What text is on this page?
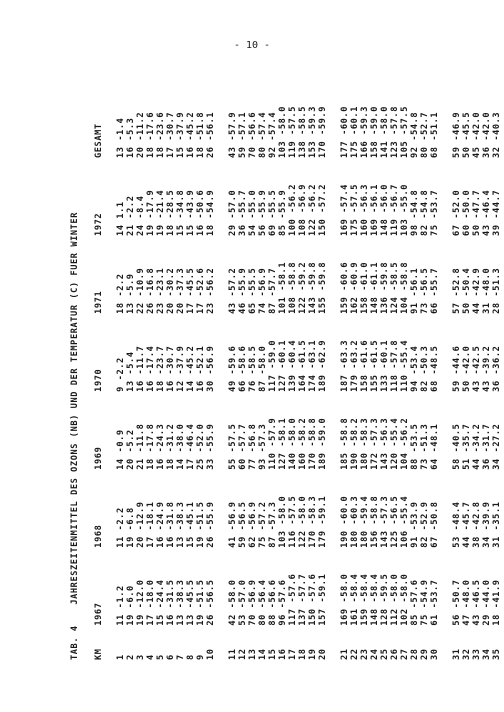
- 10 -
TAB. 4    JAHRESZEITENMITTEL DES OZONS (NB) UND DER TEMPERATUR (C) FUER WINTER
KM	1967	1968	1969	1970	1971	1972	GESAMT
1	11 -1.2	11 -2.2	14 -0.9	9 -2.2	18 -2.2	14 1.1	13 -1.4
2	19 -6.0	19 -6.8	20 -5.2	13 -5.4	13 -5.9	21 -2.2	16 -5.3
3	19 -12.0	20 -12.9	21 -11.8	16 -11.7	22 -10.9	24 -8.4	20 -11.2
4	17 -18.0	17 -18.1	18 -17.8	16 -17.4	26 -16.8	19 -17.9	18 -17.6
5	15 -24.4	16 -24.9	16 -24.3	18 -23.7	23 -23.1	19 -21.4	18 -23.6
6	16 -31.5	16 -31.8	18 -31.2	16 -30.7	20 -30.2	18 -28.5	17 -30.7
7	13 -38.3	13 -38.3	14 -38.0	12 -37.9	20 -37.3	15 -34.8	15 -37.9
8	13 -45.5	15 -45.1	17 -46.4	14 -45.2	17 -45.5	15 -43.9	16 -45.2
9	19 -51.5	19 -51.5	25 -52.0	16 -52.1	17 -52.6	16 -50.6	18 -51.8
10	26 -56.5	26 -55.9	33 -55.9	30 -56.9	23 -56.2	18 -54.9	26 -56.1
11	42 -58.0	41 -56.9	55 -57.5	49 -59.6	43 -57.2	29 -57.0	43 -57.9
12	53 -57.0	59 -56.5	60 -57.7	66 -58.6	46 -55.9	36 -55.7	59 -57.1
13	70 -56.9	62 -56.9	77 -56.8	76 -58.5	65 -55.5	54 -55.0	70 -56.6
14	80 -56.4	75 -57.2	93 -57.3	87 -58.0	74 -56.9	56 -55.9	80 -57.4
15	88 -56.6	87 -57.3	110 -57.9	117 -59.0	87 -57.7	69 -55.5	92 -57.4
16	96 -57.6	103 -58.0	127 -58.1	127 -60.1	101 -58.1	85 -55.9	103 -58.0
17	117 -57.6	116 -57.5	140 -58.0	139 -60.4	108 -58.8	100 -56.2	119 -57.5
18	137 -57.7	122 -58.0	160 -58.2	164 -61.5	122 -59.2	108 -56.9	138 -58.5
19	150 -57.6	170 -58.3	170 -58.8	174 -63.1	143 -59.8	122 -56.2	153 -59.3
20	157 -59.1	179 -59.1	189 -59.0	189 -62.9	155 -59.8	150 -57.2	170 -59.9
21	169 -58.0	190 -60.0	185 -58.8	187 -63.3	159 -60.6	169 -57.4	177 -60.0
22	161 -58.4	180 -60.3	190 -58.2	179 -63.2	162 -60.9	175 -57.5	175 -60.1
23	159 -58.4	180 -59.4	180 -58.3	158 -61.6	158 -61.0	160 -56.3	166 -59.3
24	148 -58.4	156 -58.8	172 -57.3	155 -61.5	148 -61.1	169 -56.1	158 -59.0
25	128 -59.5	143 -57.3	143 -56.3	133 -60.1	136 -59.8	148 -56.0	141 -58.0
26	112 -58.0	125 -56.5	120 -55.4	118 -57.8	124 -58.5	119 -56.7	123 -57.8
27	102 -58.0	106 -55.4	104 -56.2	110 -55.4	104 -58.8	103 -55.0	105 -57.5
28	85 -57.6	91 -53.9	88 -53.5	94 -53.4	91 -56.1	98 -54.8	92 -54.8
29	75 -54.9	82 -52.9	73 -51.3	82 -50.3	73 -56.5	82 -54.8	80 -52.7
30	61 -53.7	67 -50.8	64 -48.1	68 -48.5	66 -55.7	75 -53.7	68 -51.1
31	56 -50.7	53 -48.4	58 -40.5	59 -44.6	57 -52.8	67 -52.0	59 -46.9
32	47 -48.0	44 -45.7	51 -35.7	50 -42.0	50 -50.4	60 -50.0	50 -45.5
33	43 -46.5	38 -42.8	44 -34.2	43 -42.5	44 -42.9	50 -47.7	45 -42.0
34	29 -44.0	34 -39.9	36 -31.7	43 -39.2	31 -48.0	43 -46.4	36 -42.0
35	18 -41.9	31 -35.1	34 -27.2	36 -36.2	28 -51.3	39 -44.7	32 -40.3
